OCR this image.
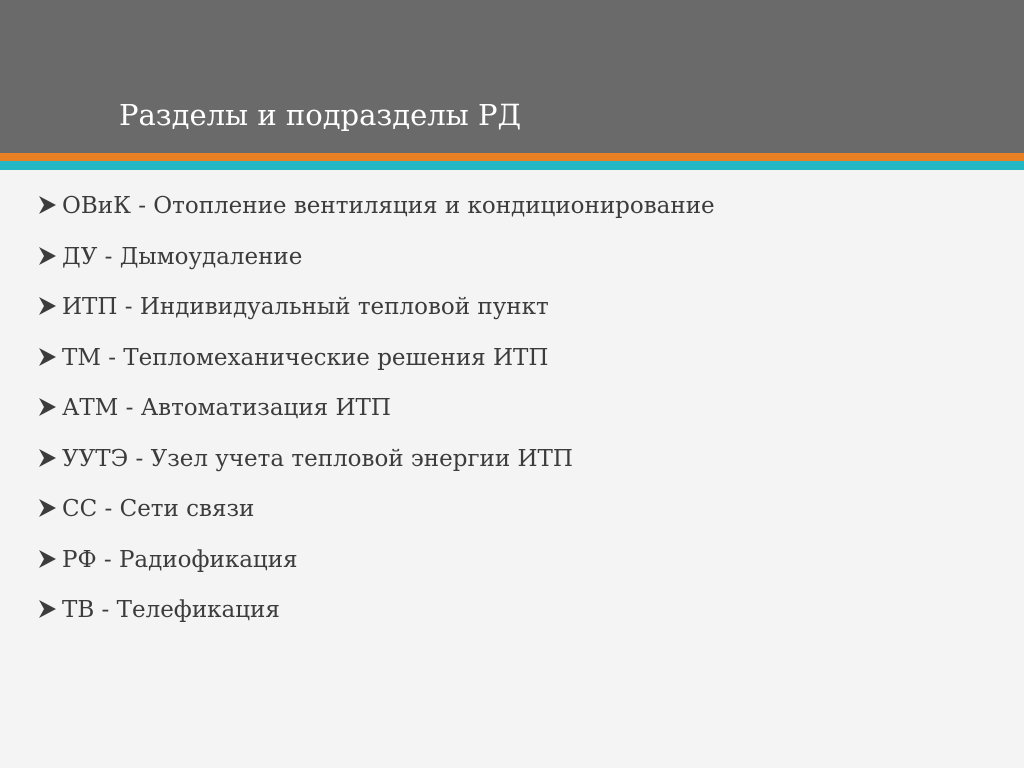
Разделы и подразделы РД
ОВиК - Отопление вентиляция и кондиционирование
ДУ - Дымоудаление
ИТП - Индивидуальный тепловой пункт
ТМ - Тепломеханические решения ИТП
АТМ - Автоматизация ИТП
УУТЭ - Узел учета тепловой энергии ИТП
СС - Сети связи
РФ - Радиофикация
ТВ - Телефикация
